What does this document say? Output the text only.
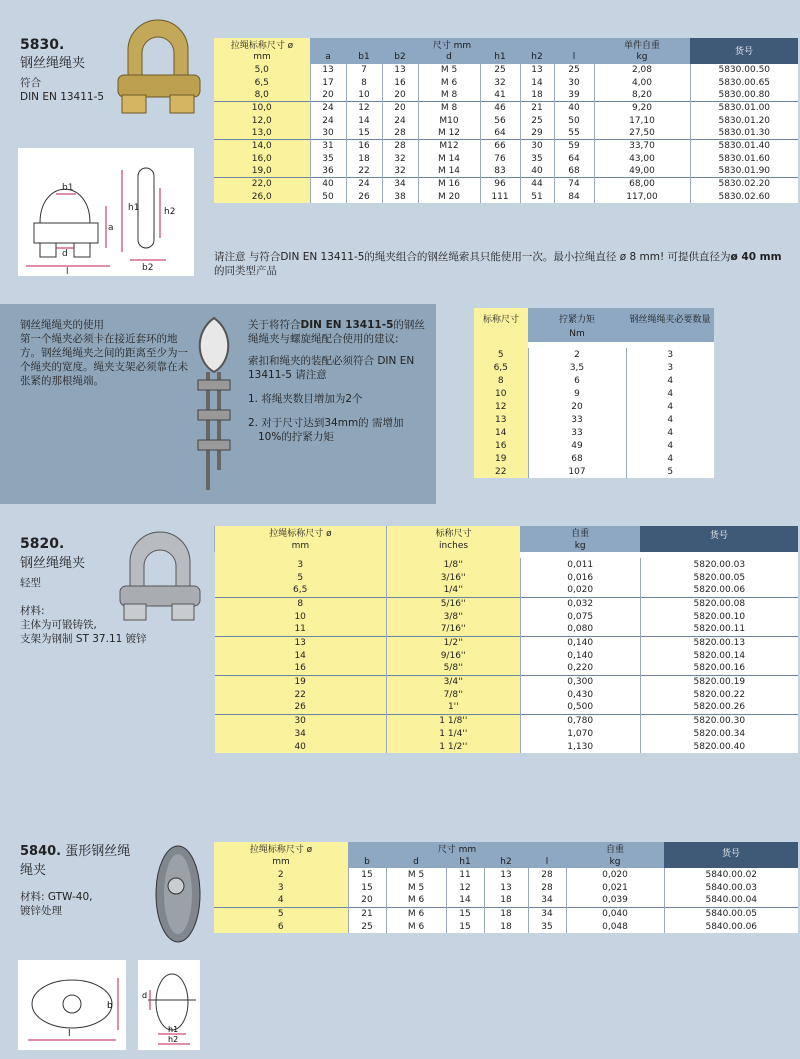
5830.
钢丝绳绳夹
符合
DIN EN 13411-5
b1
h1	h2
a
d
l	b2
拉绳标称尺寸 ø	尺寸 mm							单件自重	货号
mm	a	b1	b2	d	h1	h2	l	kg	
5,0	13	7	13	M 5	25	13	25	2,08	5830.00.50
6,5	17	8	16	M 6	32	14	30	4,00	5830.00.65
8,0	20	10	20	M 8	41	18	39	8,20	5830.00.80
10,0	24	12	20	M 8	46	21	40	9,20	5830.01.00
12,0	24	14	24	M10	56	25	50	17,10	5830.01.20
13,0	30	15	28	M 12	64	29	55	27,50	5830.01.30
14,0	31	16	28	M12	66	30	59	33,70	5830.01.40
16,0	35	18	32	M 14	76	35	64	43,00	5830.01.60
19,0	36	22	32	M 14	83	40	68	49,00	5830.01.90
22,0	40	24	34	M 16	96	44	74	68,00	5830.02.20
26,0	50	26	38	M 20	111	51	84	117,00	5830.02.60
请注意 与符合DIN EN 13411-5的绳夹组合的钢丝绳索具只能使用一次。最小拉绳直径 ø 8 mm! 可提供直径为ø 40 mm的同类型产品
钢丝绳绳夹的使用
第一个绳夹必须卡在接近套环的地方。钢丝绳绳夹之间的距离至少为一个绳夹的宽度。绳夹支架必须靠在未张紧的那根绳端。
关于将符合DIN EN 13411-5的钢丝绳绳夹与螺旋绳配合使用的建议:
索扣和绳夹的装配必须符合 DIN EN 13411-5 请注意
1. 将绳夹数目增加为2个
2. 对于尺寸达到34mm的 需增加 10%的拧紧力矩
标称尺寸	拧紧力矩
Nm	钢丝绳绳夹必要数量

5	2	3
6,5	3,5	3
8	6	4
10	9	4
12	20	4
13	33	4
14	33	4
16	49	4
19	68	4
22	107	5
5820.
钢丝绳绳夹
轻型
材料:
主体为可锻铸铁,
支架为钢制 ST 37.11 镀锌
拉绳标称尺寸 ø	标称尺寸	自重	货号
mm	inches	kg	

3	1/8''	0,011	5820.00.03
5	3/16''	0,016	5820.00.05
6,5	1/4''	0,020	5820.00.06
8	5/16''	0,032	5820.00.08
10	3/8''	0,075	5820.00.10
11	7/16''	0,080	5820.00.11
13	1/2''	0,140	5820.00.13
14	9/16''	0,140	5820.00.14
16	5/8''	0,220	5820.00.16
19	3/4''	0,300	5820.00.19
22	7/8''	0,430	5820.00.22
26	1''	0,500	5820.00.26
30	1 1/8''	0,780	5820.00.30
34	1 1/4''	1,070	5820.00.34
40	1 1/2''	1,130	5820.00.40
5840. 蛋形钢丝绳
绳夹
材料: GTW-40,
镀锌处理
拉绳标称尺寸 ø	尺寸 mm					自重	货号
mm	b	d	h1	h2	l	kg	
2	15	M 5	11	13	28	0,020	5840.00.02
3	15	M 5	12	13	28	0,021	5840.00.03
4	20	M 6	14	18	34	0,039	5840.00.04
5	21	M 6	15	18	34	0,040	5840.00.05
6	25	M 6	15	18	35	0,048	5840.00.06
l
b
d
h1
h2
